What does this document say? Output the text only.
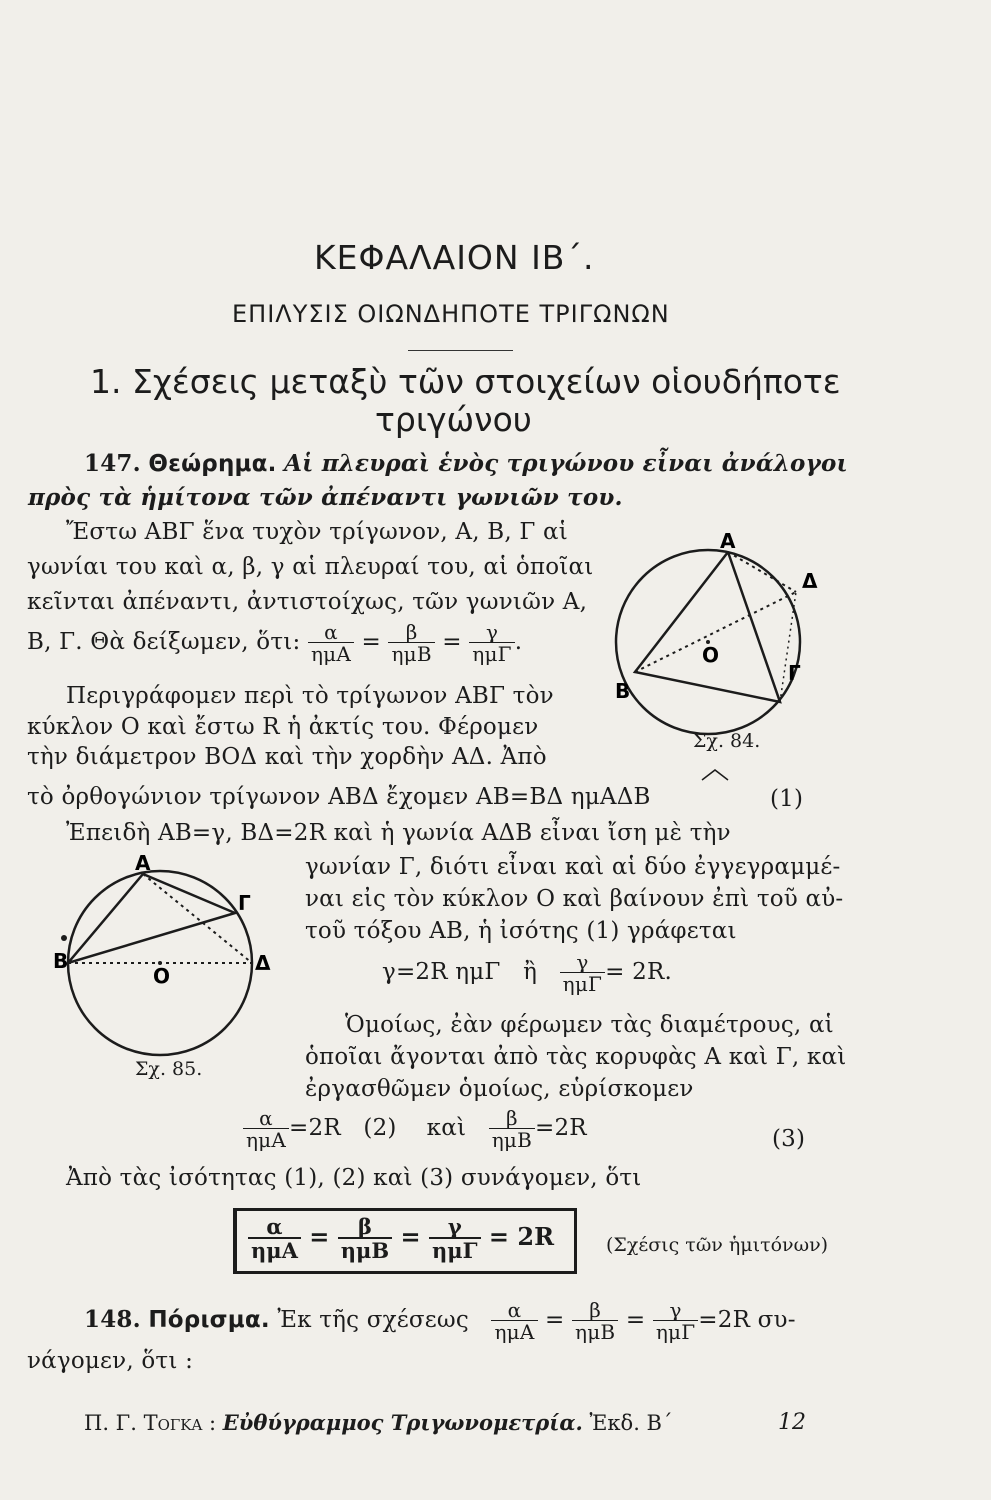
ΚΕΦΑΛΑΙΟΝ ΙΒ΄.
ΕΠΙΛΥΣΙΣ ΟΙΩΝΔΗΠΟΤΕ ΤΡΙΓΩΝΩΝ
1. Σχέσεις μεταξὺ τῶν στοιχείων οἱουδήποτε
τριγώνου
147. Θεώρημα. Αἱ πλευραὶ ἑνὸς τριγώνου εἶναι ἀνάλογοι
πρὸς τὰ ἡμίτονα τῶν ἀπέναντι γωνιῶν του.
Ἔστω ΑΒΓ ἕνα τυχὸν τρίγωνον, Α, Β, Γ αἱ
γωνίαι του καὶ α, β, γ αἱ πλευραί του, αἱ ὁποῖαι
κεῖνται ἀπέναντι, ἀντιστοίχως, τῶν γωνιῶν Α,
Β, Γ. Θὰ δείξωμεν, ὅτι: $\frac{\alpha}{\text{ημΑ}} = \frac{\beta}{\text{ημΒ}} = \frac{\gamma}{\text{ημΓ}}$ .
Περιγράφομεν περὶ τὸ τρίγωνον ΑΒΓ τὸν
κύκλον Ο καὶ ἔστω R ἡ ἀκτίς του. Φέρομεν
τὴν διάμετρον ΒΟΔ καὶ τὴν χορδὴν ΑΔ. Ἀπὸ
Α
Β
Γ
Δ
Ο
Σχ. 84.
τὸ ὀρθογώνιον τρίγωνον ΑΒΔ ἔχομεν ΑΒ=ΒΔ ημΑΔΒ	(1)
Ἐπειδὴ ΑΒ=γ, ΒΔ=2R καὶ ἡ γωνία ΑΔΒ εἶναι ἴση μὲ τὴν
Α
Β
Γ
Δ
Ο
Σχ. 85.
γωνίαν Γ, διότι εἶναι καὶ αἱ δύο ἐγγεγραμμέ-
ναι εἰς τὸν κύκλον Ο καὶ βαίνουν ἐπὶ τοῦ αὐ-
τοῦ τόξου ΑΒ, ἡ ἰσότης (1) γράφεται
γ=2R ημΓ ἢ $\frac{\gamma}{\text{ημΓ}} = 2R$.
Ὁμοίως, ἐὰν φέρωμεν τὰς διαμέτρους, αἱ
ὁποῖαι ἄγονται ἀπὸ τὰς κορυφὰς Α καὶ Γ, καὶ
ἐργασθῶμεν ὁμοίως, εὑρίσκομεν
$\frac{\alpha}{\text{ημΑ}} =2R$ (2) καὶ $\frac{\beta}{\text{ημΒ}} =2R$	(3)
Ἀπὸ τὰς ἰσότητας (1), (2) καὶ (3) συνάγομεν, ὅτι
$\frac{\alpha}{\text{ημΑ}} = \frac{\beta}{\text{ημΒ}} = \frac{\gamma}{\text{ημΓ}} = 2R$	(Σχέσις τῶν ἡμιτόνων)
148. Πόρισμα. Ἐκ τῆς σχέσεως $\frac{\alpha}{\text{ημΑ}} = \frac{\beta}{\text{ημΒ}} = \frac{\gamma}{\text{ημΓ}} =2R$ συ-
νάγομεν, ὅτι :
Π. Γ. Τογκα : Εὐθύγραμμος Τριγωνομετρία. Ἐκδ. Β΄	12
